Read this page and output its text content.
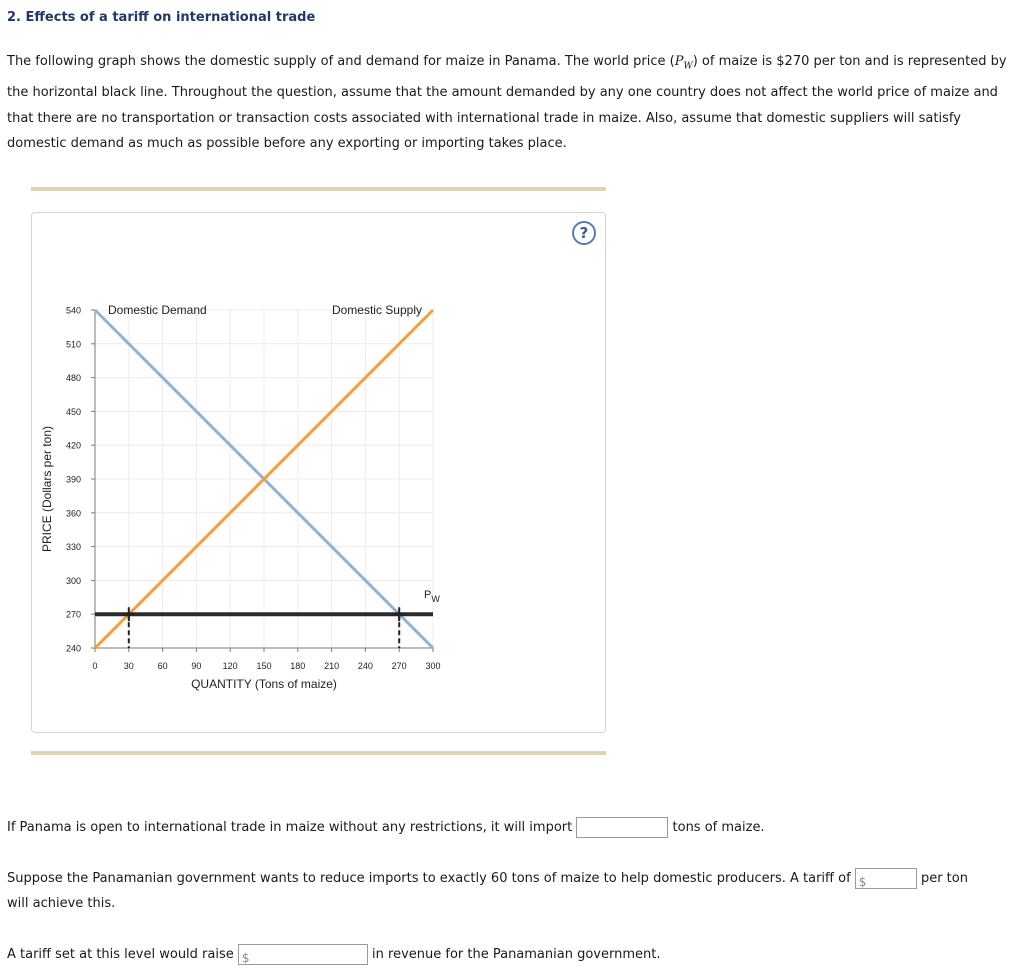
2. Effects of a tariff on international trade
The following graph shows the domestic supply of and demand for maize in Panama. The world price $(P_W)$ of maize is $270 per ton and is represented by the horizontal black line. Throughout the question, assume that the amount demanded by any one country does not affect the world price of maize and that there are no transportation or transaction costs associated with international trade in maize. Also, assume that domestic suppliers will satisfy domestic demand as much as possible before any exporting or importing takes place.
?
240
270
300
330
360
390
420
450
480
510
540
0	30	60	90 120 150 180 210 240 270 300
QUANTITY (Tons of maize)
PRICE (Dollars per ton)
Domestic Demand	Domestic Supply
$P_W$
If Panama is open to international trade in maize without any restrictions, it will import	tons of maize.
Suppose the Panamanian government wants to reduce imports to exactly 60 tons of maize to help domestic producers. A tariff of $	per ton
will achieve this.
A tariff set at this level would raise $	in revenue for the Panamanian government.
